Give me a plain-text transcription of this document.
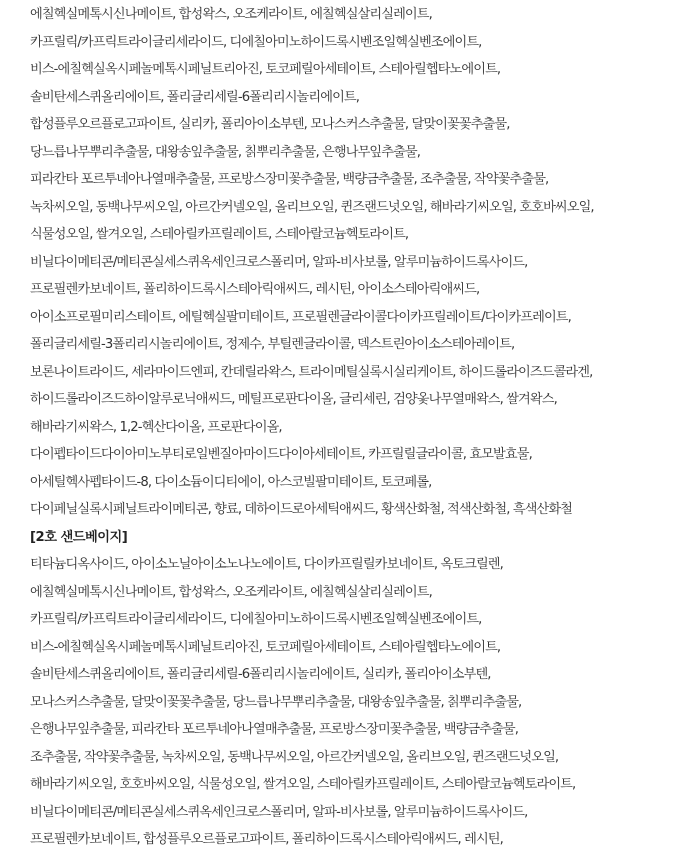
에칠헥실메톡시신나메이트, 합성왁스, 오조케라이트, 에칠헥실살리실레이트,

카프릴릭/카프릭트라이글리세라이드, 디에칠아미노하이드록시벤조일헥실벤조에이트,

비스-에칠헥실옥시페놀메톡시페닐트리아진, 토코페릴아세테이트, 스테아릴헵타노에이트,

솔비탄세스퀴올리에이트, 폴리글리세릴-6폴리리시놀리에이트,

합성플루오르플로고파이트, 실리카, 폴리아이소부텐, 모나스커스추출물, 달맞이꽃꽃추출물,

당느릅나무뿌리추출물, 대왕송잎추출물, 칡뿌리추출물, 은행나무잎추출물,

피라칸타 포르투네아나열매추출물, 프로방스장미꽃추출물, 백량금추출물, 조추출물, 작약꽃추출물,

녹차씨오일, 동백나무씨오일, 아르간커넬오일, 올리브오일, 퀸즈랜드넛오일, 해바라기씨오일, 호호바씨오일,

식물성오일, 쌀겨오일, 스테아릴카프릴레이트, 스테아랄코늄헥토라이트,

비닐다이메티콘/메티콘실세스퀴옥세인크로스폴리머, 알파-비사보롤, 알루미늄하이드록사이드,

프로필렌카보네이트, 폴리하이드록시스테아릭애씨드, 레시틴, 아이소스테아릭애씨드,

아이소프로필미리스테이트, 에틸헥실팔미테이트, 프로필렌글라이콜다이카프릴레이트/다이카프레이트,

폴리글리세릴-3폴리리시놀리에이트, 정제수, 부틸렌글라이콜, 덱스트린아이소스테아레이트,

보론나이트라이드, 세라마이드엔피, 칸데릴라왁스, 트라이메틸실록시실리케이트, 하이드롤라이즈드콜라겐,

하이드롤라이즈드하이알루로닉애씨드, 메틸프로판다이올, 글리세린, 검양옻나무열매왁스, 쌀겨왁스,

해바라기씨왁스, 1,2-헥산다이올, 프로판다이올,

다이펩타이드다이아미노부티로일벤질아마이드다이아세테이트, 카프릴릴글라이콜, 효모발효물,

아세틸헥사펩타이드-8, 다이소듐이디티에이, 아스코빌팔미테이트, 토코페롤,

다이페닐실록시페닐트라이메티콘, 향료, 데하이드로아세틱애씨드, 황색산화철, 적색산화철, 흑색산화철

[2호 샌드베이지]

티타늄디옥사이드, 아이소노닐아이소노나노에이트, 다이카프릴릴카보네이트, 옥토크릴렌,

에칠헥실메톡시신나메이트, 합성왁스, 오조케라이트, 에칠헥실살리실레이트,

카프릴릭/카프릭트라이글리세라이드, 디에칠아미노하이드록시벤조일헥실벤조에이트,

비스-에칠헥실옥시페놀메톡시페닐트리아진, 토코페릴아세테이트, 스테아릴헵타노에이트,

솔비탄세스퀴올리에이트, 폴리글리세릴-6폴리리시놀리에이트, 실리카, 폴리아이소부텐,

모나스커스추출물, 달맞이꽃꽃추출물, 당느릅나무뿌리추출물, 대왕송잎추출물, 칡뿌리추출물,

은행나무잎추출물, 피라칸타 포르투네아나열매추출물, 프로방스장미꽃추출물, 백량금추출물,

조추출물, 작약꽃추출물, 녹차씨오일, 동백나무씨오일, 아르간커넬오일, 올리브오일, 퀸즈랜드넛오일,

해바라기씨오일, 호호바씨오일, 식물성오일, 쌀겨오일, 스테아릴카프릴레이트, 스테아랄코늄헥토라이트,

비닐다이메티콘/메티콘실세스퀴옥세인크로스폴리머, 알파-비사보롤, 알루미늄하이드록사이드,

프로필렌카보네이트, 합성플루오르플로고파이트, 폴리하이드록시스테아릭애씨드, 레시틴,
